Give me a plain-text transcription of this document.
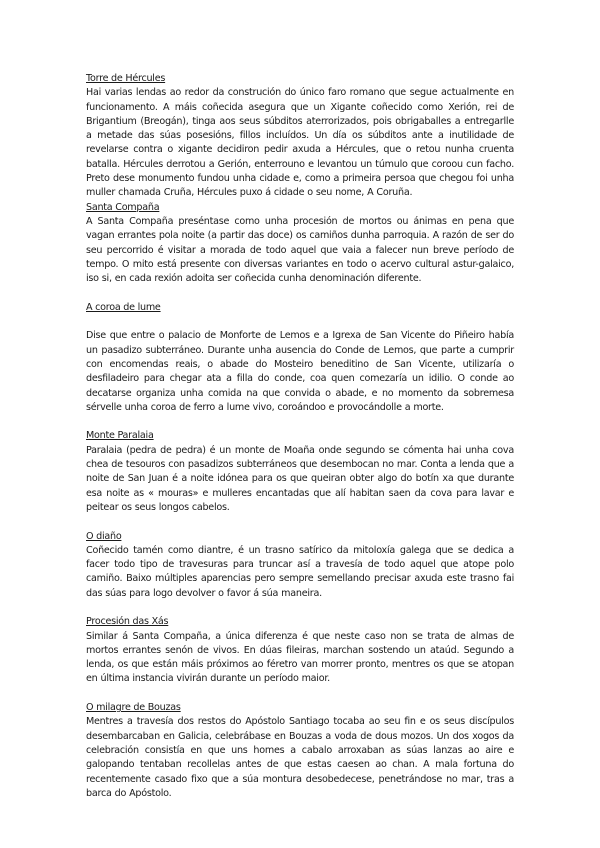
Torre de Hércules

Hai varias lendas ao redor da construción do único faro romano que segue actualmente en funcionamento. A máis coñecida asegura que un Xigante coñecido como Xerión, rei de Brigantium (Breogán), tinga aos seus súbditos aterrorizados, pois obrigaballes a entregarlle a metade das súas posesións, fillos incluídos. Un día os súbditos ante a inutilidade de revelarse contra o xigante decidiron pedir axuda a Hércules, que o retou nunha cruenta batalla. Hércules derrotou a Gerión, enterrouno e levantou un túmulo que coroou cun facho. Preto dese monumento fundou unha cidade e, como a primeira persoa que chegou foi unha muller chamada Cruña, Hércules puxo á cidade o seu nome, A Coruña.

Santa Compaña

A Santa Compaña preséntase como unha procesión de mortos ou ánimas en pena que vagan errantes pola noite (a partir das doce) os camiños dunha parroquia. A razón de ser do seu percorrido é visitar a morada de todo aquel que vaia a falecer nun breve período de tempo. O mito está presente con diversas variantes en todo o acervo cultural astur-galaico, iso si, en cada rexión adoita ser coñecida cunha denominación diferente.

A coroa de lume

Dise que entre o palacio de Monforte de Lemos e a Igrexa de San Vicente do Piñeiro había un pasadizo subterráneo. Durante unha ausencia do Conde de Lemos, que parte a cumprir con encomendas reais, o abade do Mosteiro beneditino de San Vicente, utilizaría o desfiladeiro para chegar ata a filla do conde, coa quen comezaría un idilio. O conde ao decatarse organiza unha comida na que convida o abade, e no momento da sobremesa sérvelle unha coroa de ferro a lume vivo, coroándoo e provocándolle a morte.

Monte Paralaia

Paralaia (pedra de pedra) é un monte de Moaña onde segundo se cómenta hai unha cova chea de tesouros con pasadizos subterráneos que desembocan no mar. Conta a lenda que a noite de San Juan é a noite idónea para os que queiran obter algo do botín xa que durante esa noite as « mouras» e mulleres encantadas que alí habitan saen da cova para lavar e peitear os seus longos cabelos.

O diaño

Coñecido tamén como diantre, é un trasno satírico da mitoloxía galega que se dedica a facer todo tipo de travesuras para truncar así a travesía de todo aquel que atope polo camiño. Baixo múltiples aparencias pero sempre semellando precisar axuda este trasno fai das súas para logo devolver o favor á súa maneira.

Procesión das Xás

Similar á Santa Compaña, a única diferenza é que neste caso non se trata de almas de mortos errantes senón de vivos. En dúas fileiras, marchan sostendo un ataúd. Segundo a lenda, os que están máis próximos ao féretro van morrer pronto, mentres os que se atopan en última instancia vivirán durante un período maior.

O milagre de Bouzas

Mentres a travesía dos restos do Apóstolo Santiago tocaba ao seu fin e os seus discípulos desembarcaban en Galicia, celebrábase en Bouzas a voda de dous mozos. Un dos xogos da celebración consistía en que uns homes a cabalo arroxaban as súas lanzas ao aire e galopando tentaban recollelas antes de que estas caesen ao chan. A mala fortuna do recentemente casado fixo que a súa montura desobedecese, penetrándose no mar, tras a barca do Apóstolo.
